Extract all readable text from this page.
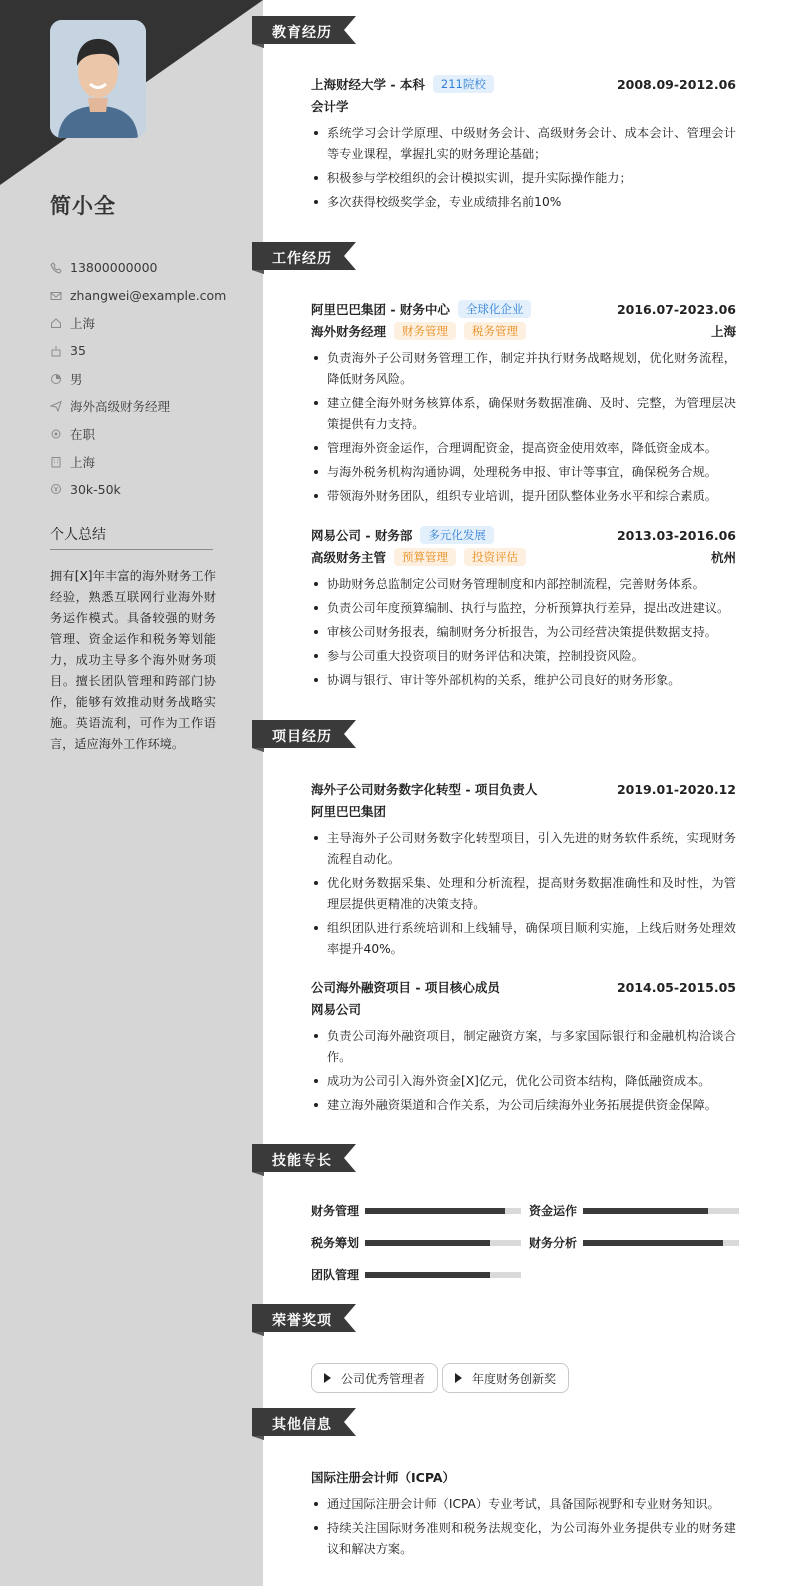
简小全
13800000000
zhangwei@example.com
上海
35
男
海外高级财务经理
在职
上海
30k-50k
个人总结
拥有[X]年丰富的海外财务工作经验，熟悉互联网行业海外财务运作模式。具备较强的财务管理、资金运作和税务筹划能力，成功主导多个海外财务项目。擅长团队管理和跨部门协作，能够有效推动财务战略实施。英语流利，可作为工作语言，适应海外工作环境。
教育经历
上海财经大学 - 本科	211院校	2008.09-2012.06
会计学
系统学习会计学原理、中级财务会计、高级财务会计、成本会计、管理会计等专业课程，掌握扎实的财务理论基础；
积极参与学校组织的会计模拟实训，提升实际操作能力；
多次获得校级奖学金，专业成绩排名前10%
工作经历
阿里巴巴集团 - 财务中心	全球化企业	2016.07-2023.06
海外财务经理	财务管理	税务管理	上海
负责海外子公司财务管理工作，制定并执行财务战略规划，优化财务流程，降低财务风险。
建立健全海外财务核算体系，确保财务数据准确、及时、完整，为管理层决策提供有力支持。
管理海外资金运作，合理调配资金，提高资金使用效率，降低资金成本。
与海外税务机构沟通协调，处理税务申报、审计等事宜，确保税务合规。
带领海外财务团队，组织专业培训，提升团队整体业务水平和综合素质。
网易公司 - 财务部	多元化发展	2013.03-2016.06
高级财务主管	预算管理	投资评估	杭州
协助财务总监制定公司财务管理制度和内部控制流程，完善财务体系。
负责公司年度预算编制、执行与监控，分析预算执行差异，提出改进建议。
审核公司财务报表，编制财务分析报告，为公司经营决策提供数据支持。
参与公司重大投资项目的财务评估和决策，控制投资风险。
协调与银行、审计等外部机构的关系，维护公司良好的财务形象。
项目经历
海外子公司财务数字化转型 - 项目负责人	2019.01-2020.12
阿里巴巴集团
主导海外子公司财务数字化转型项目，引入先进的财务软件系统，实现财务流程自动化。
优化财务数据采集、处理和分析流程，提高财务数据准确性和及时性，为管理层提供更精准的决策支持。
组织团队进行系统培训和上线辅导，确保项目顺利实施，上线后财务处理效率提升40%。
公司海外融资项目 - 项目核心成员	2014.05-2015.05
网易公司
负责公司海外融资项目，制定融资方案，与多家国际银行和金融机构洽谈合作。
成功为公司引入海外资金[X]亿元，优化公司资本结构，降低融资成本。
建立海外融资渠道和合作关系，为公司后续海外业务拓展提供资金保障。
技能专长
财务管理	资金运作
税务筹划	财务分析
团队管理
荣誉奖项
公司优秀管理者	年度财务创新奖
其他信息
国际注册会计师（ICPA）
通过国际注册会计师（ICPA）专业考试，具备国际视野和专业财务知识。
持续关注国际财务准则和税务法规变化，为公司海外业务提供专业的财务建议和解决方案。
